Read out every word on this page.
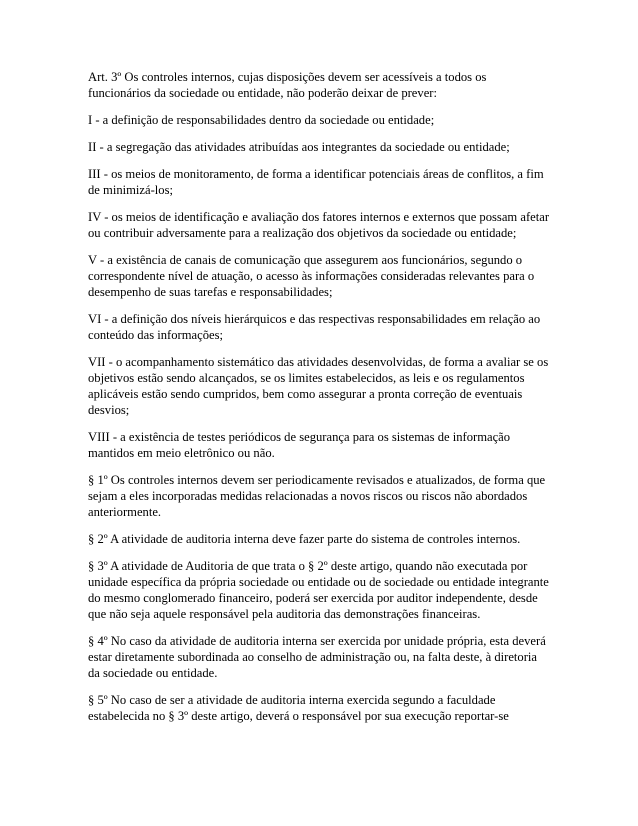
Art. 3º Os controles internos, cujas disposições devem ser acessíveis a todos os funcionários da sociedade ou entidade, não poderão deixar de prever:

I - a definição de responsabilidades dentro da sociedade ou entidade;

II - a segregação das atividades atribuídas aos integrantes da sociedade ou entidade;

III - os meios de monitoramento, de forma a identificar potenciais áreas de conflitos, a fim de minimizá-los;

IV - os meios de identificação e avaliação dos fatores internos e externos que possam afetar ou contribuir adversamente para a realização dos objetivos da sociedade ou entidade;

V - a existência de canais de comunicação que assegurem aos funcionários, segundo o correspondente nível de atuação, o acesso às informações consideradas relevantes para o desempenho de suas tarefas e responsabilidades;

VI - a definição dos níveis hierárquicos e das respectivas responsabilidades em relação ao conteúdo das informações;

VII - o acompanhamento sistemático das atividades desenvolvidas, de forma a avaliar se os objetivos estão sendo alcançados, se os limites estabelecidos, as leis e os regulamentos aplicáveis estão sendo cumpridos, bem como assegurar a pronta correção de eventuais desvios;

VIII - a existência de testes periódicos de segurança para os sistemas de informação mantidos em meio eletrônico ou não.

§ 1º Os controles internos devem ser periodicamente revisados e atualizados, de forma que sejam a eles incorporadas medidas relacionadas a novos riscos ou riscos não abordados anteriormente.

§ 2º A atividade de auditoria interna deve fazer parte do sistema de controles internos.

§ 3º A atividade de Auditoria de que trata o § 2º deste artigo, quando não executada por unidade específica da própria sociedade ou entidade ou de sociedade ou entidade integrante do mesmo conglomerado financeiro, poderá ser exercida por auditor independente, desde que não seja aquele responsável pela auditoria das demonstrações financeiras.

§ 4º No caso da atividade de auditoria interna ser exercida por unidade própria, esta deverá estar diretamente subordinada ao conselho de administração ou, na falta deste, à diretoria da sociedade ou entidade.

§ 5º No caso de ser a atividade de auditoria interna exercida segundo a faculdade estabelecida no § 3º deste artigo, deverá o responsável por sua execução reportar-se
